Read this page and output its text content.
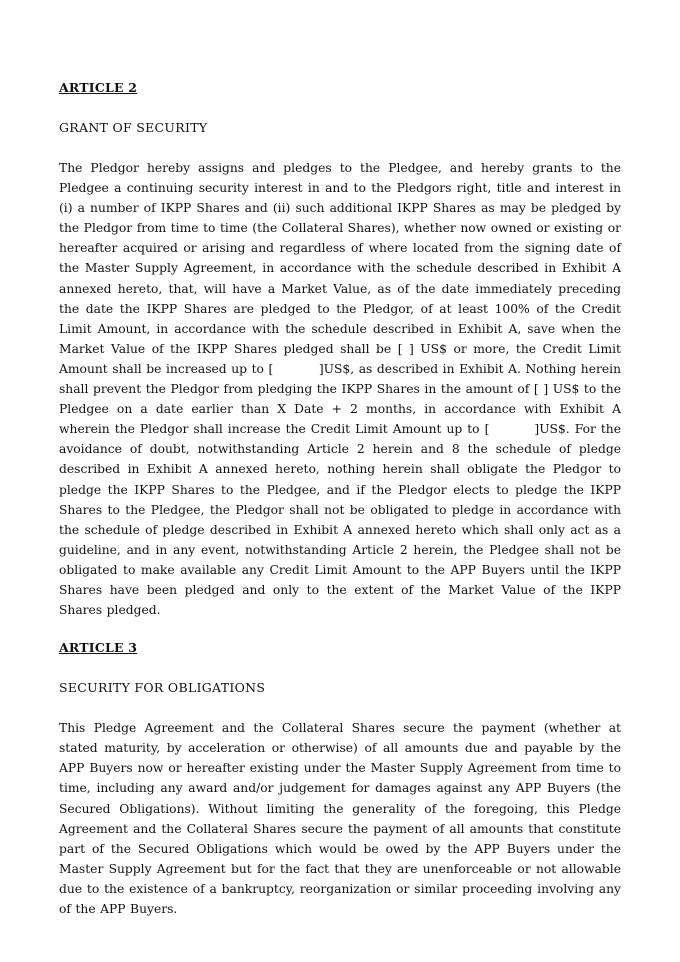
ARTICLE 2

GRANT OF SECURITY

The Pledgor hereby assigns and pledges to the Pledgee, and hereby grants to the Pledgee a continuing security interest in and to the Pledgors right, title and interest in (i) a number of IKPP Shares and (ii) such additional IKPP Shares as may be pledged by the Pledgor from time to time (the Collateral Shares), whether now owned or existing or hereafter acquired or arising and regardless of where located from the signing date of the Master Supply Agreement, in accordance with the schedule described in Exhibit A annexed hereto, that, will have a Market Value, as of the date immediately preceding the date the IKPP Shares are pledged to the Pledgor, of at least 100% of the Credit Limit Amount, in accordance with the schedule described in Exhibit A, save when the Market Value of the IKPP Shares pledged shall be [ ] US$ or more, the Credit Limit Amount shall be increased up to [          ]US$, as described in Exhibit A. Nothing herein shall prevent the Pledgor from pledging the IKPP Shares in the amount of [ ] US$ to the Pledgee on a date earlier than X Date + 2 months, in accordance with Exhibit A wherein the Pledgor shall increase the Credit Limit Amount up to [         ]US$. For the avoidance of doubt, notwithstanding Article 2 herein and 8 the schedule of pledge described in Exhibit A annexed hereto, nothing herein shall obligate the Pledgor to pledge the IKPP Shares to the Pledgee, and if the Pledgor elects to pledge the IKPP Shares to the Pledgee, the Pledgor shall not be obligated to pledge in accordance with the schedule of pledge described in Exhibit A annexed hereto which shall only act as a guideline, and in any event, notwithstanding Article 2 herein, the Pledgee shall not be obligated to make available any Credit Limit Amount to the APP Buyers until the IKPP Shares have been pledged and only to the extent of the Market Value of the IKPP Shares pledged.

ARTICLE 3

SECURITY FOR OBLIGATIONS

This Pledge Agreement and the Collateral Shares secure the payment (whether at stated maturity, by acceleration or otherwise) of all amounts due and payable by the APP Buyers now or hereafter existing under the Master Supply Agreement from time to time, including any award and/or judgement for damages against any APP Buyers (the Secured Obligations). Without limiting the generality of the foregoing, this Pledge Agreement and the Collateral Shares secure the payment of all amounts that constitute part of the Secured Obligations which would be owed by the APP Buyers under the Master Supply Agreement but for the fact that they are unenforceable or not allowable due to the existence of a bankruptcy, reorganization or similar proceeding involving any of the APP Buyers.
